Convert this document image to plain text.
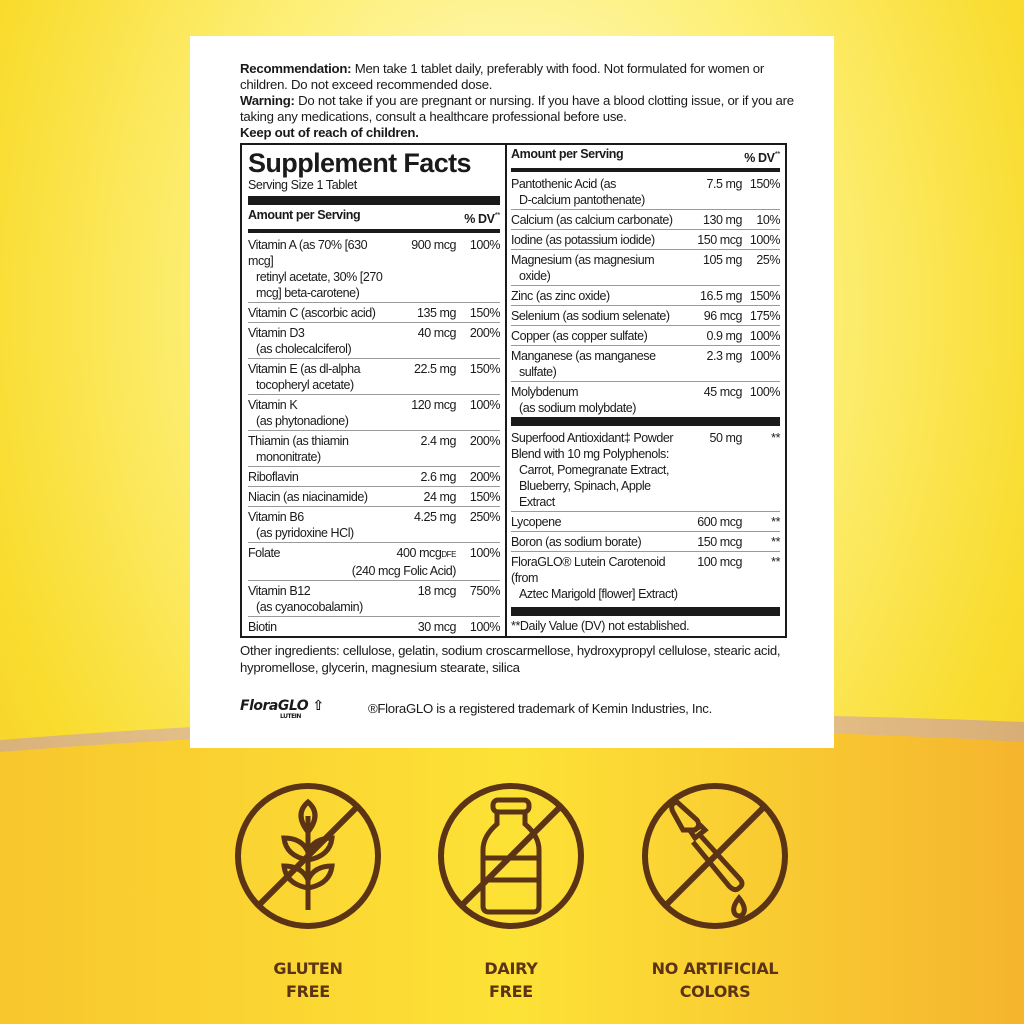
Recommendation: Men take 1 tablet daily, preferably with food. Not formulated for women or children. Do not exceed recommended dose.
Warning: Do not take if you are pregnant or nursing. If you have a blood clotting issue, or if you are taking any medications, consult a healthcare professional before use.
Keep out of reach of children.
Supplement Facts
Serving Size 1 Tablet
Amount per Serving	% DV**
Vitamin A (as 70% [630 mcg]
retinyl acetate, 30% [270 mcg] beta-carotene)
900 mcg	100%
Vitamin C (ascorbic acid)	135 mg	150%
Vitamin D3
(as cholecalciferol)
40 mcg	200%
Vitamin E (as dl-alpha
tocopheryl acetate)
22.5 mg	150%
Vitamin K
(as phytonadione)
120 mcg	100%
Thiamin (as thiamin
mononitrate)
2.4 mg	200%
Riboflavin	2.6 mg	200%
Niacin (as niacinamide)	24 mg	150%
Vitamin B6
(as pyridoxine HCl)
4.25 mg	250%
Folate	400 mcgDFE	100%
(240 mcg Folic Acid)
Vitamin B12
(as cyanocobalamin)
18 mcg	750%
Biotin	30 mcg	100%
Amount per Serving	% DV**
Pantothenic Acid (as
D-calcium pantothenate)
7.5 mg 150%
Calcium (as calcium carbonate)	130 mg	10%
Iodine (as potassium iodide)	150 mcg 100%
Magnesium (as magnesium
oxide)
105 mg	25%
Zinc (as zinc oxide)	16.5 mg 150%
Selenium (as sodium selenate)	96 mcg 175%
Copper (as copper sulfate)	0.9 mg 100%
Manganese (as manganese
sulfate)
2.3 mg 100%
Molybdenum
(as sodium molybdate)
45 mcg 100%
Superfood Antioxidant‡ Powder Blend with 10 mg Polyphenols:
Carrot, Pomegranate Extract, Blueberry, Spinach, Apple Extract
50 mg	**
Lycopene	600 mcg	**
Boron (as sodium borate)	150 mcg	**
FloraGLO® Lutein Carotenoid (from
Aztec Marigold [flower] Extract)
100 mcg	**
**Daily Value (DV) not established.
Other ingredients: cellulose, gelatin, sodium croscarmellose, hydroxypropyl cellulose, stearic acid, hypromellose, glycerin, magnesium stearate, silica
FloraGLO ⇧
LUTEIN
®FloraGLO is a registered trademark of Kemin Industries, Inc.
GLUTEN
FREE
DAIRY
FREE
NO ARTIFICIAL
COLORS
